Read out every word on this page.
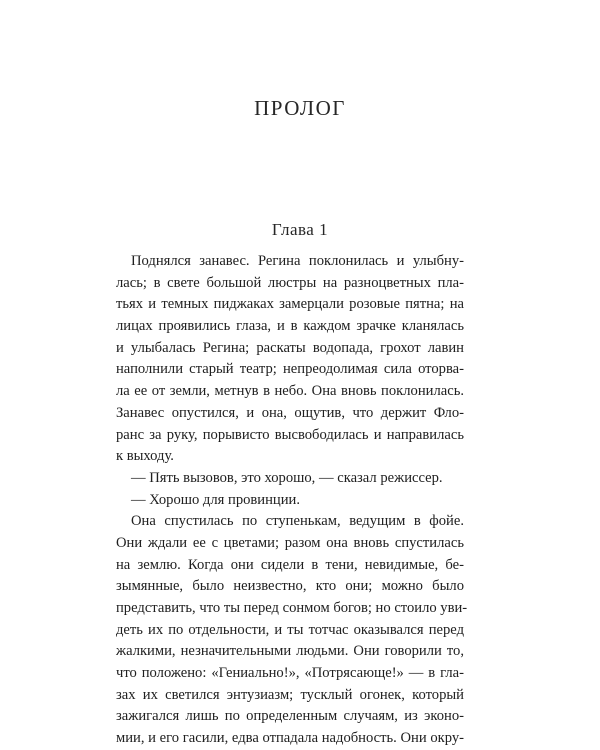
ПРОЛОГ
Глава 1
Поднялся занавес. Регина поклонилась и улыбну-
лась; в свете большой люстры на разноцветных пла-
тьях и темных пиджаках замерцали розовые пятна; на
лицах проявились глаза, и в каждом зрачке кланялась
и улыбалась Регина; раскаты водопада, грохот лавин
наполнили старый театр; непреодолимая сила оторва-
ла ее от земли, метнув в небо. Она вновь поклонилась.
Занавес опустился, и она, ощутив, что держит Фло-
ранс за руку, порывисто высвободилась и направилась
к выходу.
— Пять вызовов, это хорошо, — сказал режиссер.
— Хорошо для провинции.
Она спустилась по ступенькам, ведущим в фойе.
Они ждали ее с цветами; разом она вновь спустилась
на землю. Когда они сидели в тени, невидимые, бе-
зымянные, было неизвестно, кто они; можно было
представить, что ты перед сонмом богов; но стоило уви-
деть их по отдельности, и ты тотчас оказывался перед
жалкими, незначительными людьми. Они говорили то,
что положено: «Гениально!», «Потрясающе!» — в гла-
зах их светился энтузиазм; тусклый огонек, который
зажигался лишь по определенным случаям, из эконо-
мии, и его гасили, едва отпадала надобность. Они окру-
